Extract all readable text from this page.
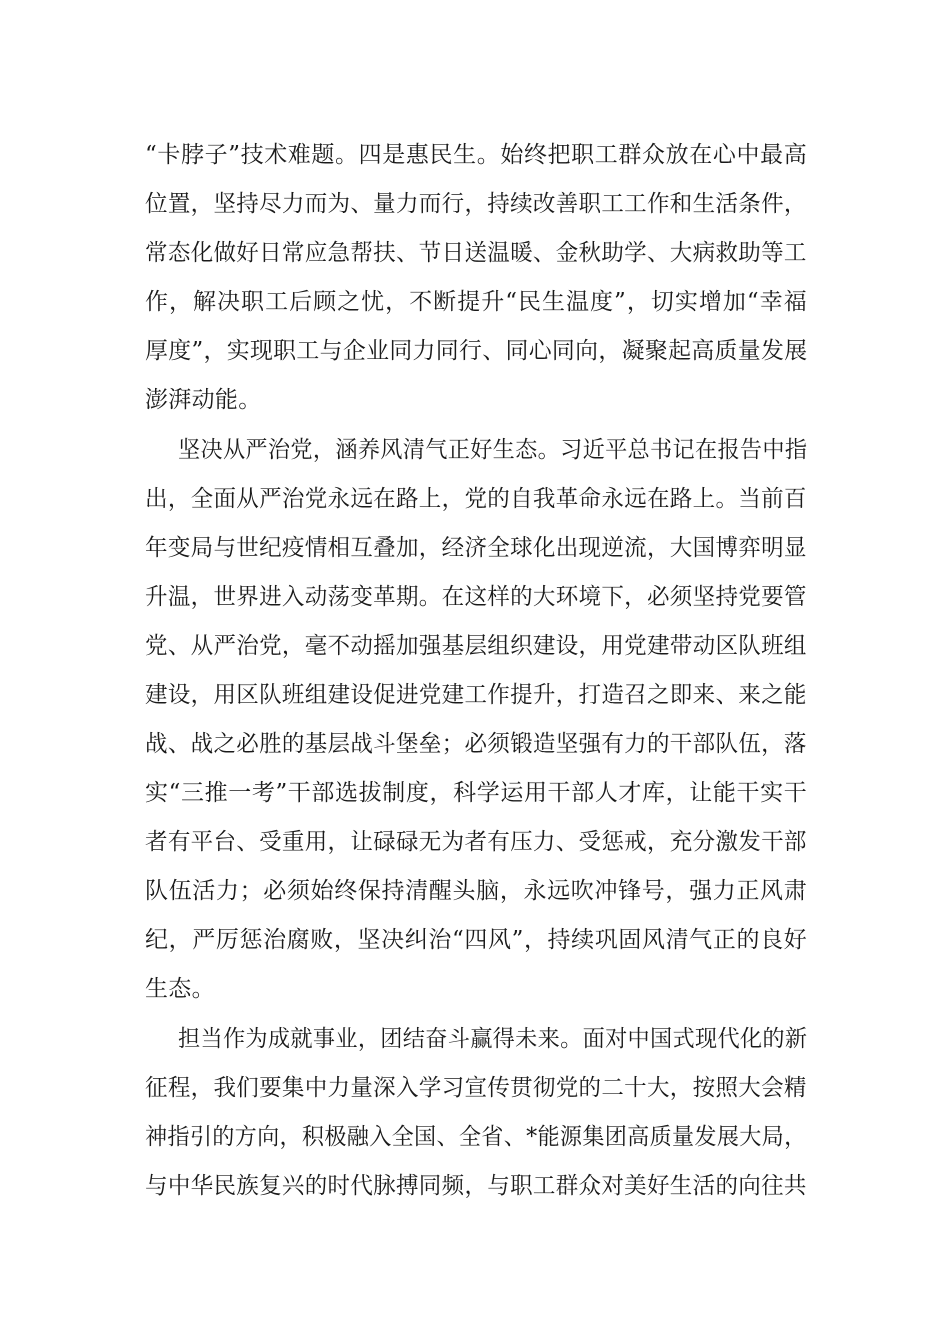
“卡脖子”技术难题。四是惠民生。始终把职工群众放在心中最高
位置，坚持尽力而为、量力而行，持续改善职工工作和生活条件，
常态化做好日常应急帮扶、节日送温暖、金秋助学、大病救助等工
作，解决职工后顾之忧，不断提升“民生温度”，切实增加“幸福
厚度”，实现职工与企业同力同行、同心同向，凝聚起高质量发展
澎湃动能。
坚决从严治党，涵养风清气正好生态。习近平总书记在报告中指
出，全面从严治党永远在路上，党的自我革命永远在路上。当前百
年变局与世纪疫情相互叠加，经济全球化出现逆流，大国博弈明显
升温，世界进入动荡变革期。在这样的大环境下，必须坚持党要管
党、从严治党，毫不动摇加强基层组织建设，用党建带动区队班组
建设，用区队班组建设促进党建工作提升，打造召之即来、来之能
战、战之必胜的基层战斗堡垒；必须锻造坚强有力的干部队伍，落
实“三推一考”干部选拔制度，科学运用干部人才库，让能干实干
者有平台、受重用，让碌碌无为者有压力、受惩戒，充分激发干部
队伍活力；必须始终保持清醒头脑，永远吹冲锋号，强力正风肃
纪，严厉惩治腐败，坚决纠治“四风”，持续巩固风清气正的良好
生态。
担当作为成就事业，团结奋斗赢得未来。面对中国式现代化的新
征程，我们要集中力量深入学习宣传贯彻党的二十大，按照大会精
神指引的方向，积极融入全国、全省、*能源集团高质量发展大局，
与中华民族复兴的时代脉搏同频，与职工群众对美好生活的向往共
